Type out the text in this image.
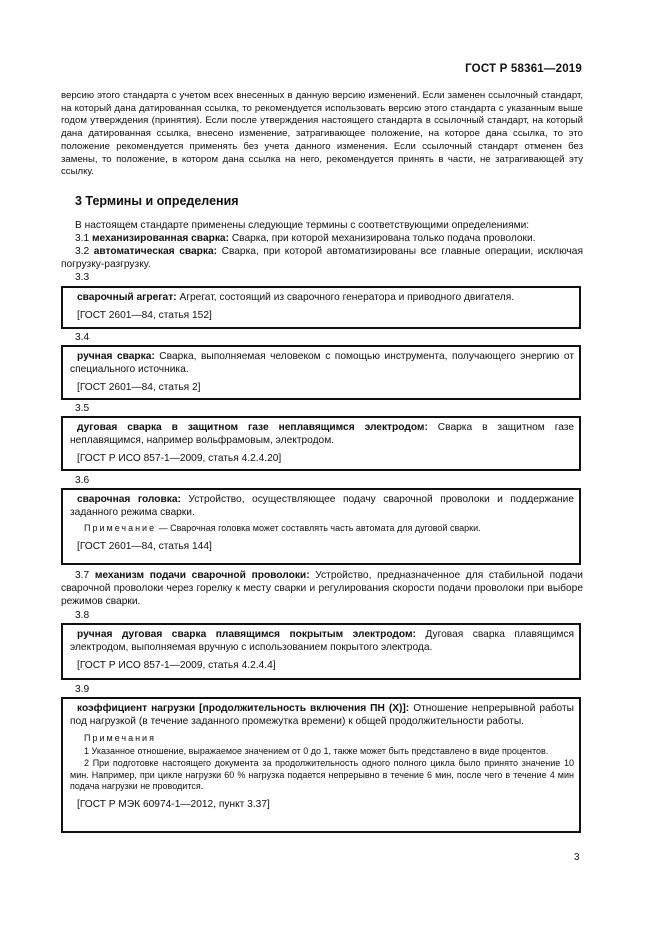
ГОСТ Р 58361—2019
версию этого стандарта с учетом всех внесенных в данную версию изменений. Если заменен ссылочный стандарт, на который дана датированная ссылка, то рекомендуется использовать версию этого стандарта с указанным выше годом утверждения (принятия). Если после утверждения настоящего стандарта в ссылочный стандарт, на который дана датированная ссылка, внесено изменение, затрагивающее положение, на которое дана ссылка, то это положение рекомендуется применять без учета данного изменения. Если ссылочный стандарт отменен без замены, то положение, в котором дана ссылка на него, рекомендуется принять в части, не затрагивающей эту ссылку.
3 Термины и определения
В настоящем стандарте применены следующие термины с соответствующими определениями:
3.1 механизированная сварка: Сварка, при которой механизирована только подача проволоки.
3.2 автоматическая сварка: Сварка, при которой автоматизированы все главные операции, исключая погрузку-разгрузку.
3.3
сварочный агрегат: Агрегат, состоящий из сварочного генератора и приводного двигателя.
[ГОСТ 2601—84, статья 152]
3.4
ручная сварка: Сварка, выполняемая человеком с помощью инструмента, получающего энергию от специального источника.
[ГОСТ 2601—84, статья 2]
3.5
дуговая сварка в защитном газе неплавящимся электродом: Сварка в защитном газе неплавящимся, например вольфрамовым, электродом.
[ГОСТ Р ИСО 857-1—2009, статья 4.2.4.20]
3.6
сварочная головка: Устройство, осуществляющее подачу сварочной проволоки и поддержание заданного режима сварки.
Примечание — Сварочная головка может составлять часть автомата для дуговой сварки.
[ГОСТ 2601—84, статья 144]
3.7 механизм подачи сварочной проволоки: Устройство, предназначенное для стабильной подачи сварочной проволоки через горелку к месту сварки и регулирования скорости подачи проволоки при выборе режимов сварки.
3.8
ручная дуговая сварка плавящимся покрытым электродом: Дуговая сварка плавящимся электродом, выполняемая вручную с использованием покрытого электрода.
[ГОСТ Р ИСО 857-1—2009, статья 4.2.4.4]
3.9
коэффициент нагрузки [продолжительность включения ПН (X)]: Отношение непрерывной работы под нагрузкой (в течение заданного промежутка времени) к общей продолжительности работы.
Примечания
1 Указанное отношение, выражаемое значением от 0 до 1, также может быть представлено в виде процентов.
2 При подготовке настоящего документа за продолжительность одного полного цикла было принято значение 10 мин. Например, при цикле нагрузки 60 % нагрузка подается непрерывно в течение 6 мин, после чего в течение 4 мин подача нагрузки не проводится.
[ГОСТ Р МЭК 60974-1—2012, пункт 3.37]
3
